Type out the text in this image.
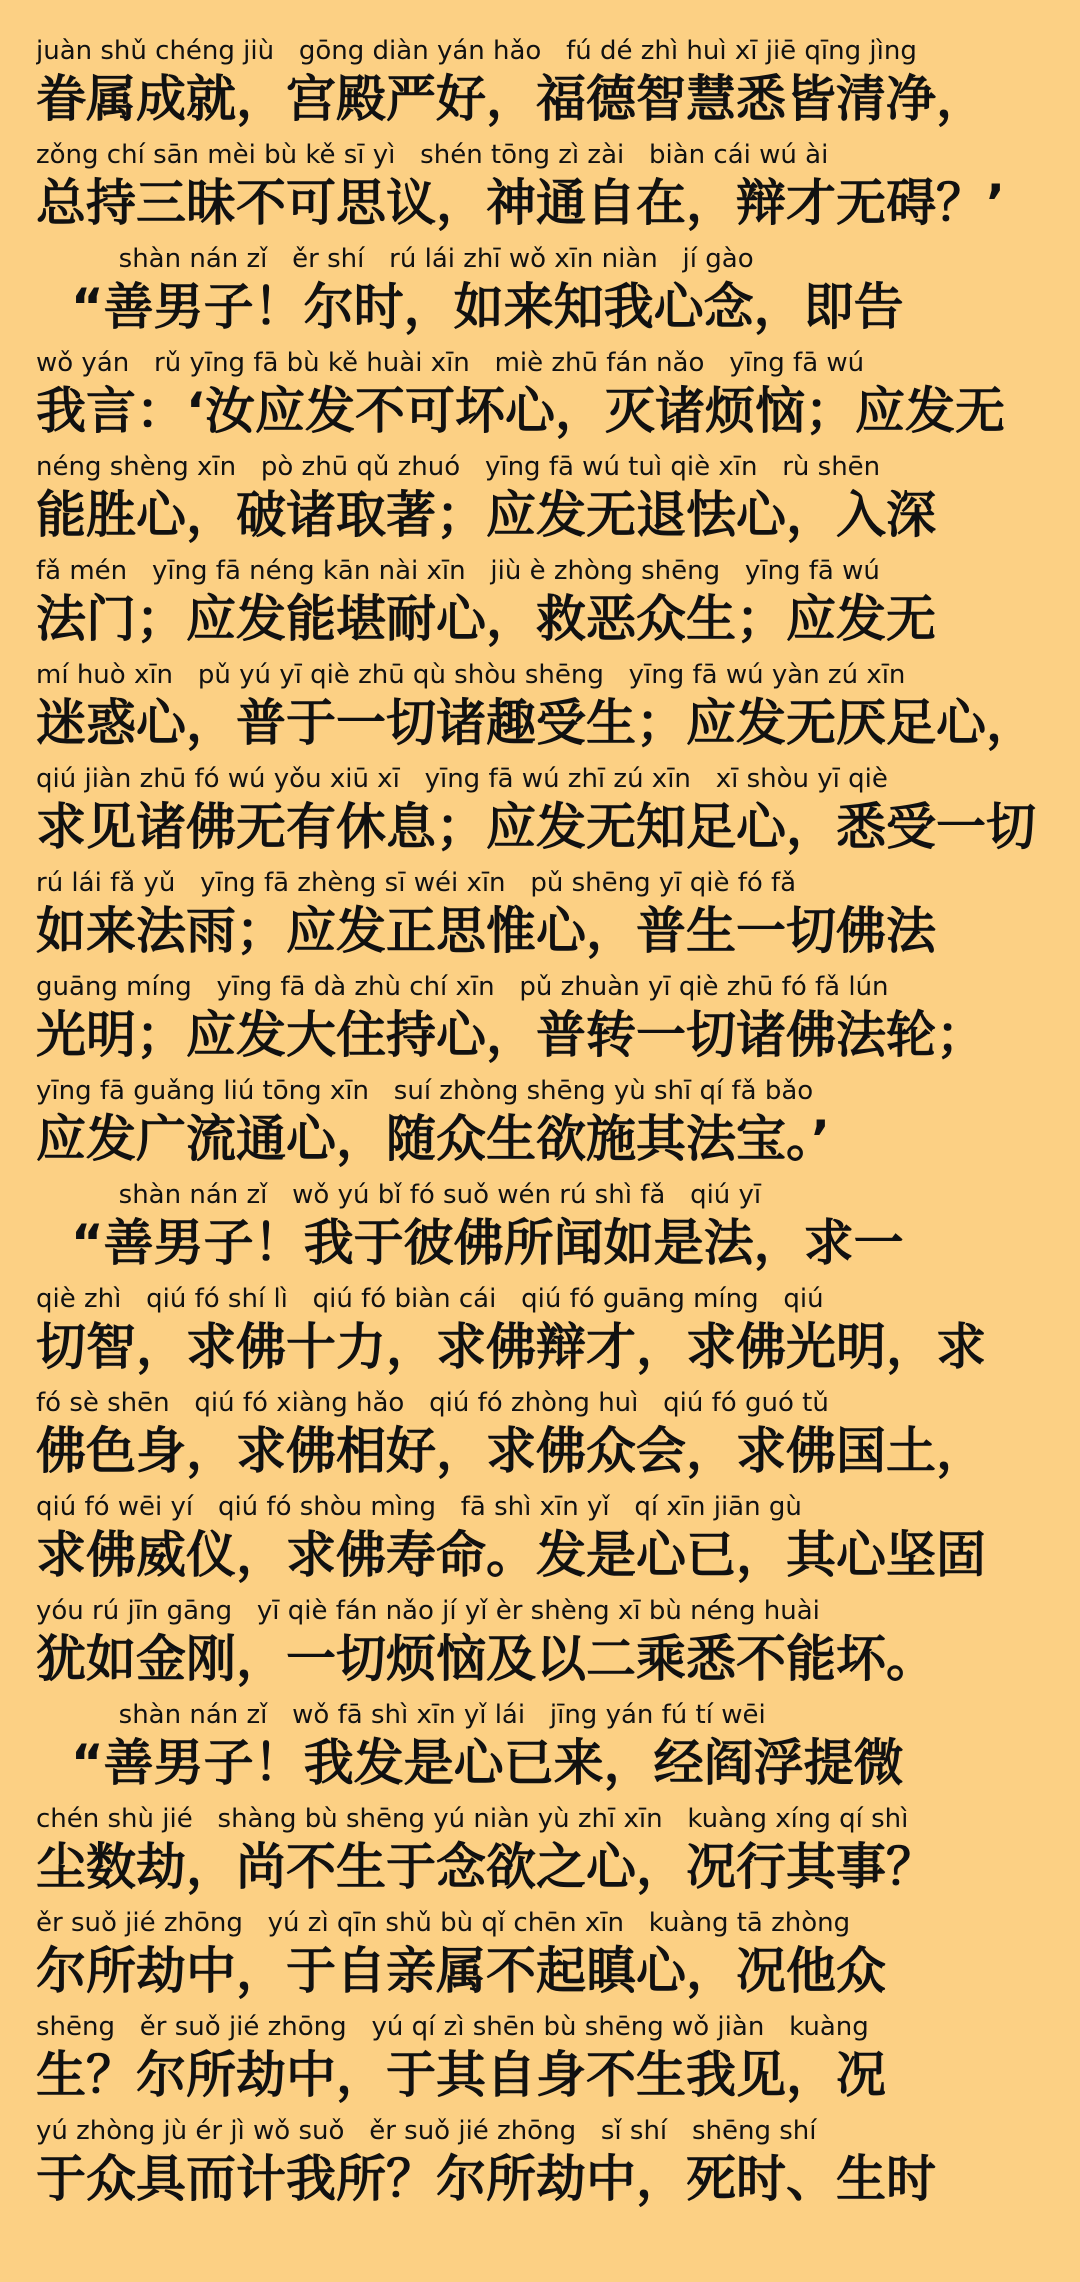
juàn shǔ chéng jiù   gōng diàn yán hǎo   fú dé zhì huì xī jiē qīng jìng
眷属成就，宫殿严好，福德智慧悉皆清净，
zǒng chí sān mèi bù kě sī yì   shén tōng zì zài   biàn cái wú ài
总持三昧不可思议，神通自在，辩才无碍？’
shàn nán zǐ   ěr shí   rú lái zhī wǒ xīn niàn   jí gào
“善男子！尔时，如来知我心念，即告
wǒ yán   rǔ yīng fā bù kě huài xīn   miè zhū fán nǎo   yīng fā wú
我言：‘汝应发不可坏心，灭诸烦恼；应发无
néng shèng xīn   pò zhū qǔ zhuó   yīng fā wú tuì qiè xīn   rù shēn
能胜心，破诸取著；应发无退怯心，入深
fǎ mén   yīng fā néng kān nài xīn   jiù è zhòng shēng   yīng fā wú
法门；应发能堪耐心，救恶众生；应发无
mí huò xīn   pǔ yú yī qiè zhū qù shòu shēng   yīng fā wú yàn zú xīn
迷惑心，普于一切诸趣受生；应发无厌足心，
qiú jiàn zhū fó wú yǒu xiū xī   yīng fā wú zhī zú xīn   xī shòu yī qiè
求见诸佛无有休息；应发无知足心，悉受一切
rú lái fǎ yǔ   yīng fā zhèng sī wéi xīn   pǔ shēng yī qiè fó fǎ
如来法雨；应发正思惟心，普生一切佛法
guāng míng   yīng fā dà zhù chí xīn   pǔ zhuàn yī qiè zhū fó fǎ lún
光明；应发大住持心，普转一切诸佛法轮；
yīng fā guǎng liú tōng xīn   suí zhòng shēng yù shī qí fǎ bǎo
应发广流通心，随众生欲施其法宝。’
shàn nán zǐ   wǒ yú bǐ fó suǒ wén rú shì fǎ   qiú yī
“善男子！我于彼佛所闻如是法，求一
qiè zhì   qiú fó shí lì   qiú fó biàn cái   qiú fó guāng míng   qiú
切智，求佛十力，求佛辩才，求佛光明，求
fó sè shēn   qiú fó xiàng hǎo   qiú fó zhòng huì   qiú fó guó tǔ
佛色身，求佛相好，求佛众会，求佛国土，
qiú fó wēi yí   qiú fó shòu mìng   fā shì xīn yǐ   qí xīn jiān gù
求佛威仪，求佛寿命。发是心已，其心坚固
yóu rú jīn gāng   yī qiè fán nǎo jí yǐ èr shèng xī bù néng huài
犹如金刚，一切烦恼及以二乘悉不能坏。
shàn nán zǐ   wǒ fā shì xīn yǐ lái   jīng yán fú tí wēi
“善男子！我发是心已来，经阎浮提微
chén shù jié   shàng bù shēng yú niàn yù zhī xīn   kuàng xíng qí shì
尘数劫，尚不生于念欲之心，况行其事？
ěr suǒ jié zhōng   yú zì qīn shǔ bù qǐ chēn xīn   kuàng tā zhòng
尔所劫中，于自亲属不起瞋心，况他众
shēng   ěr suǒ jié zhōng   yú qí zì shēn bù shēng wǒ jiàn   kuàng
生？尔所劫中，于其自身不生我见，况
yú zhòng jù ér jì wǒ suǒ   ěr suǒ jié zhōng   sǐ shí   shēng shí
于众具而计我所？尔所劫中，死时、生时
